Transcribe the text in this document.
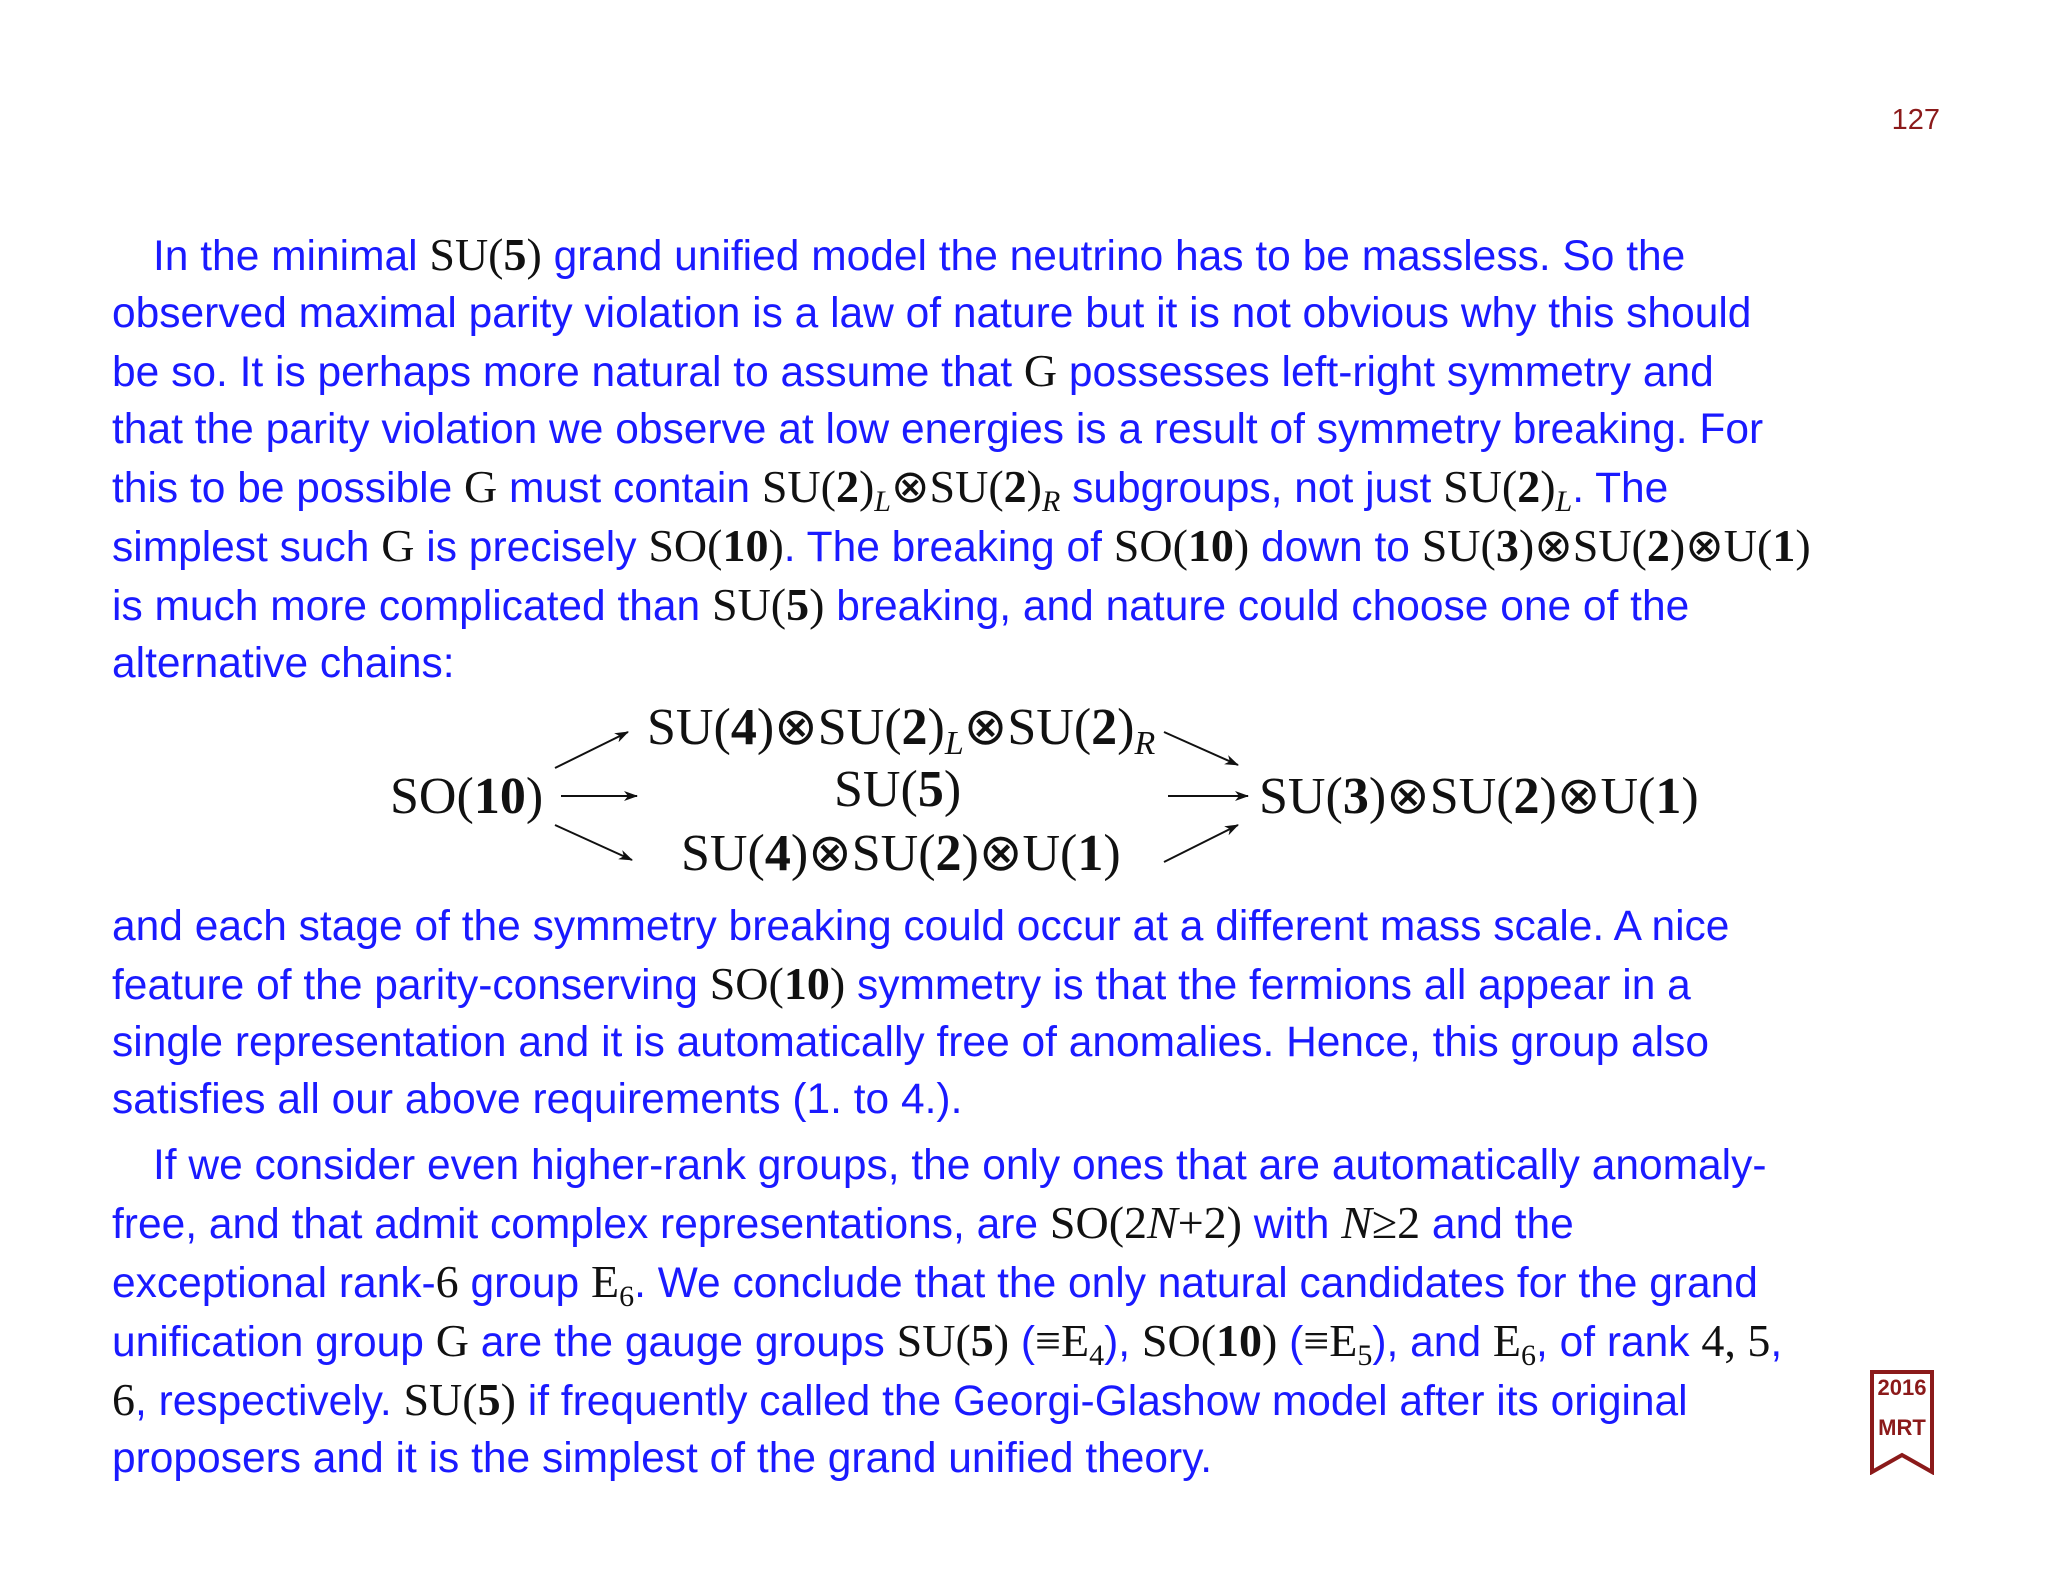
127
In the minimal SU(5) grand unified model the neutrino has to be massless. So the
observed maximal parity violation is a law of nature but it is not obvious why this should
be so. It is perhaps more natural to assume that G possesses left-right symmetry and
that the parity violation we observe at low energies is a result of symmetry breaking. For
this to be possible G must contain $SU(2)_L\otimes SU(2)_R$ subgroups, not just $SU(2)_L$. The
simplest such G is precisely SO(10). The breaking of SO(10) down to SU(3)⊗SU(2)⊗U(1)
is much more complicated than SU(5) breaking, and nature could choose one of the
alternative chains:
SO(10)
$SU(4)\otimes SU(2)_L\otimes SU(2)_R$
SU(5)
SU(4)⊗SU(2)⊗U(1)
SU(3)⊗SU(2)⊗U(1)
and each stage of the symmetry breaking could occur at a different mass scale. A nice
feature of the parity-conserving SO(10) symmetry is that the fermions all appear in a
single representation and it is automatically free of anomalies. Hence, this group also
satisfies all our above requirements (1. to 4.).
If we consider even higher-rank groups, the only ones that are automatically anomaly-
free, and that admit complex representations, are SO(2N+2) with N≥2 and the
exceptional rank-6 group $E_6$. We conclude that the only natural candidates for the grand
unification group G are the gauge groups SU(5) $(\equiv E_4)$, SO(10) $(\equiv E_5)$, and $E_6$, of rank 4, 5,
6, respectively. SU(5) if frequently called the Georgi-Glashow model after its original
proposers and it is the simplest of the grand unified theory.
2016
MRT
